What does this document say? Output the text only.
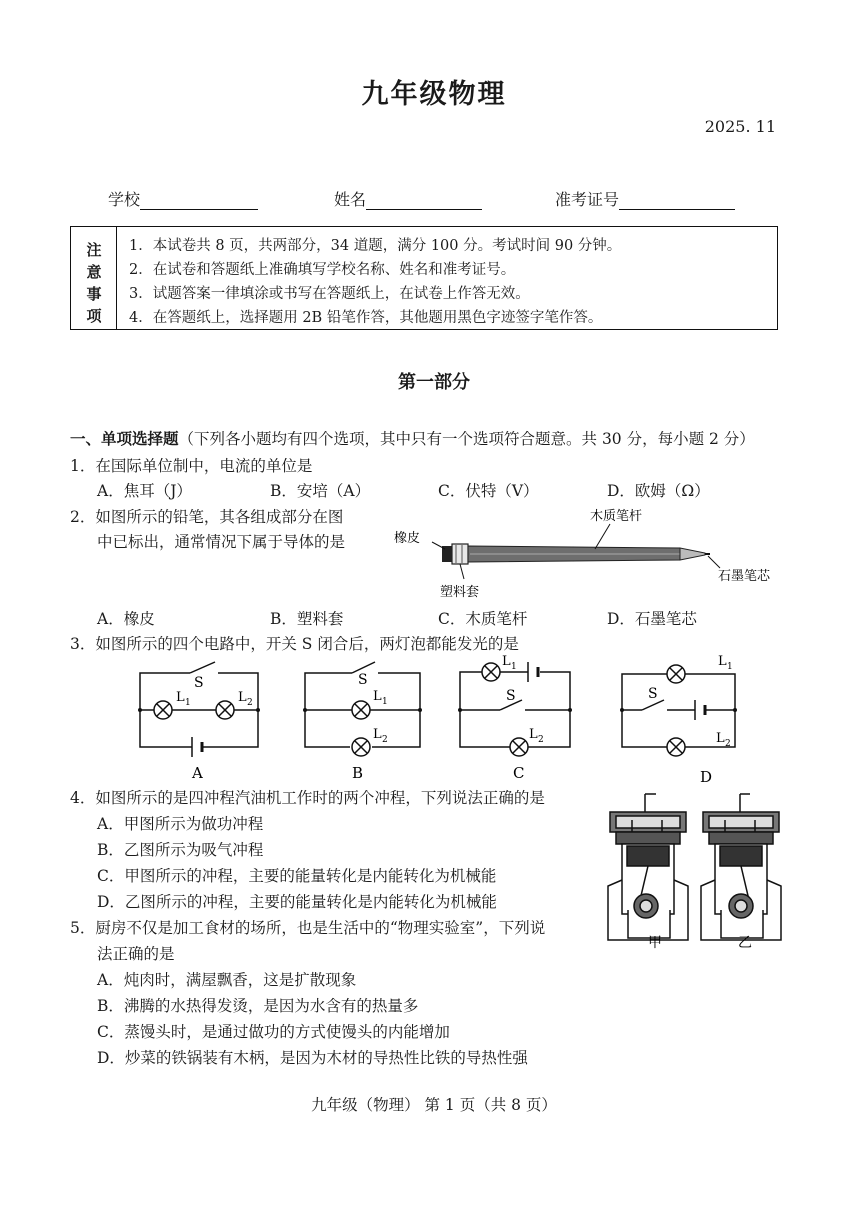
九年级物理
2025. 11
学校	姓名	准考证号
注
意
事
项
1．本试卷共 8 页，共两部分，34 道题，满分 100 分。考试时间 90 分钟。
2．在试卷和答题纸上准确填写学校名称、姓名和准考证号。
3．试题答案一律填涂或书写在答题纸上，在试卷上作答无效。
4．在答题纸上，选择题用 2B 铅笔作答，其他题用黑色字迹签字笔作答。
第一部分
一、单项选择题（下列各小题均有四个选项，其中只有一个选项符合题意。共 30 分，每小题 2 分）
1．在国际单位制中，电流的单位是
A．焦耳（J）	B．安培（A）	C．伏特（V）	D．欧姆（Ω）
2．如图所示的铅笔，其各组成部分在图
中已标出，通常情况下属于导体的是	橡皮
塑料套
木质笔杆
石墨笔芯
A．橡皮	B．塑料套	C．木质笔杆	D．石墨笔芯
3．如图所示的四个电路中，开关 S 闭合后，两灯泡都能发光的是
S
L 1	L 2
A
S
L 1
L 2
B
L 1
S
L 2
C
L 1
S
L 2
D
4．如图所示的是四冲程汽油机工作时的两个冲程，下列说法正确的是
A．甲图所示为做功冲程
B．乙图所示为吸气冲程
C．甲图所示的冲程，主要的能量转化是内能转化为机械能
D．乙图所示的冲程，主要的能量转化是内能转化为机械能
甲	乙
5．厨房不仅是加工食材的场所，也是生活中的“物理实验室”，下列说
法正确的是
A．炖肉时，满屋飘香，这是扩散现象
B．沸腾的水热得发烫，是因为水含有的热量多
C．蒸馒头时，是通过做功的方式使馒头的内能增加
D．炒菜的铁锅装有木柄，是因为木材的导热性比铁的导热性强
九年级（物理） 第 1 页（共 8 页）
